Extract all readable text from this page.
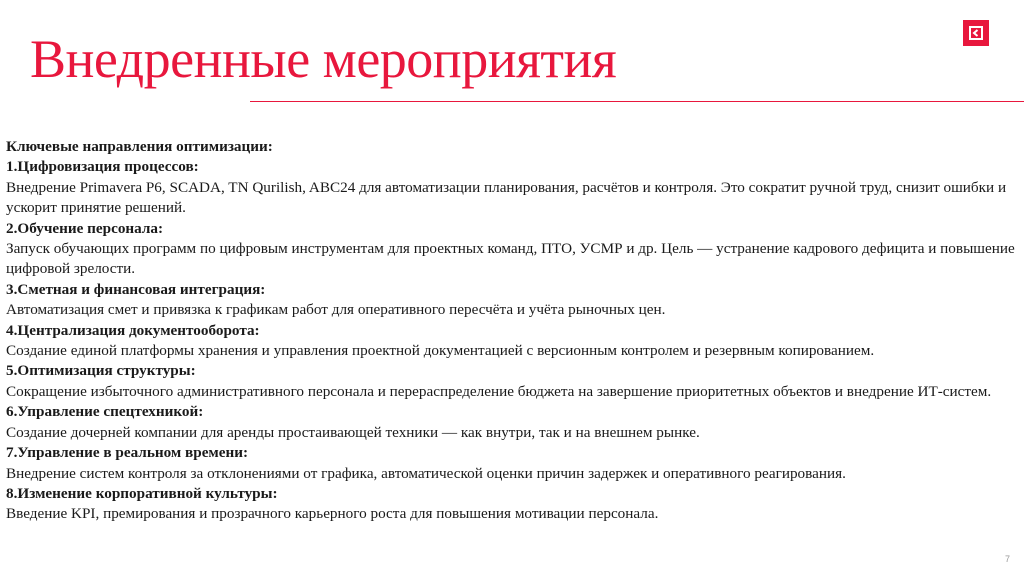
Внедренные мероприятия

Ключевые направления оптимизации:

1.Цифровизация процессов:

Внедрение Primavera P6, SCADA, TN Qurilish, ABC24 для автоматизации планирования, расчётов и контроля. Это сократит ручной труд, снизит ошибки и ускорит принятие решений.

2.Обучение персонала:

Запуск обучающих программ по цифровым инструментам для проектных команд, ПТО, УСМР и др. Цель — устранение кадрового дефицита и повышение цифровой зрелости.

3.Сметная и финансовая интеграция:

Автоматизация смет и привязка к графикам работ для оперативного пересчёта и учёта рыночных цен.

4.Централизация документооборота:

Создание единой платформы хранения и управления проектной документацией с версионным контролем и резервным копированием.

5.Оптимизация структуры:

Сокращение избыточного административного персонала и перераспределение бюджета на завершение приоритетных объектов и внедрение ИТ-систем.

6.Управление спецтехникой:

Создание дочерней компании для аренды простаивающей техники — как внутри, так и на внешнем рынке.

7.Управление в реальном времени:

Внедрение систем контроля за отклонениями от графика, автоматической оценки причин задержек и оперативного реагирования.

8.Изменение корпоративной культуры:

Введение KPI, премирования и прозрачного карьерного роста для повышения мотивации персонала.

7
